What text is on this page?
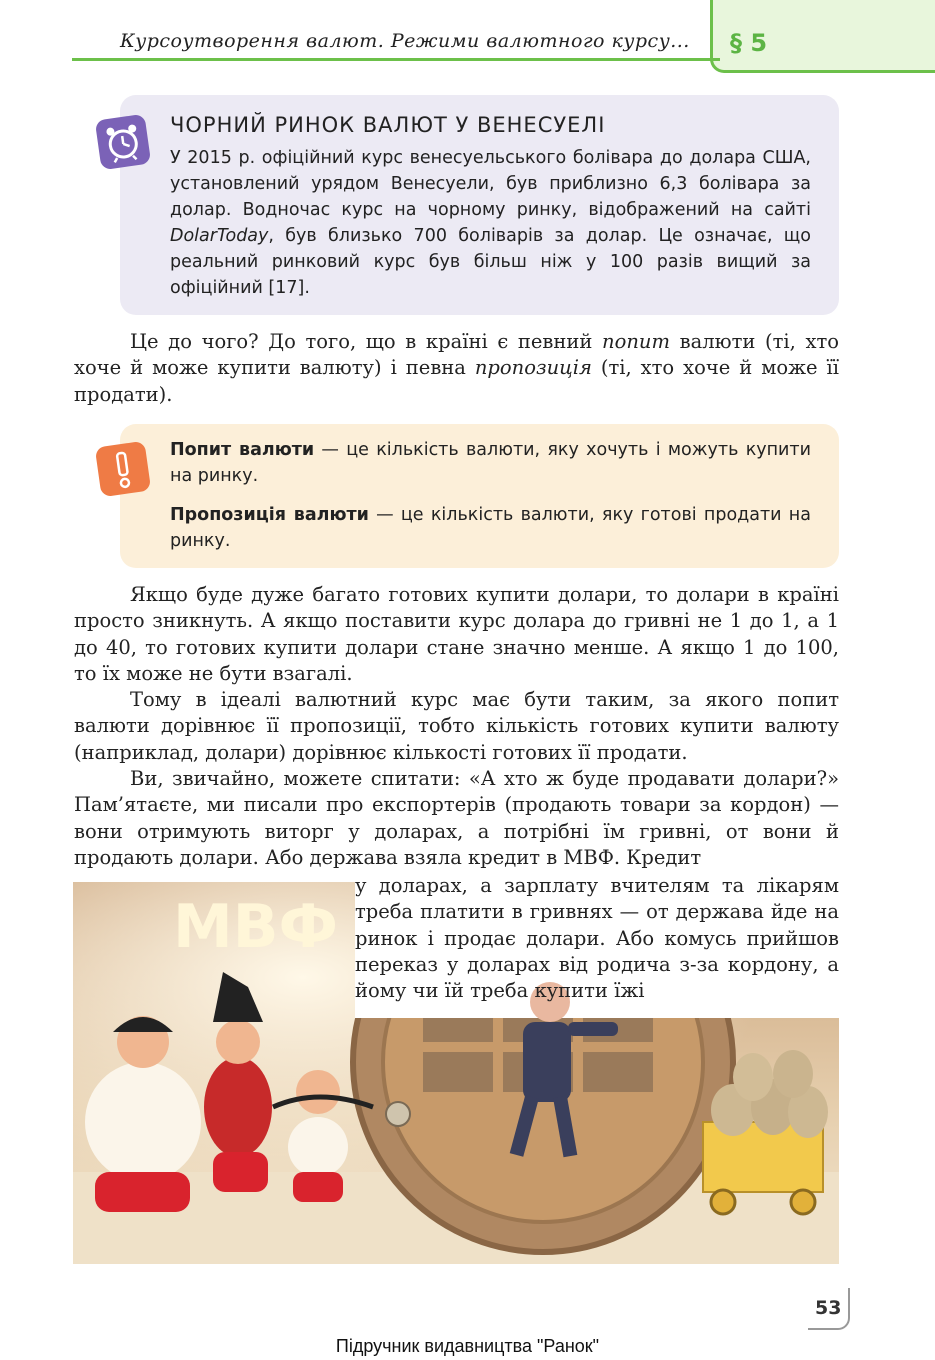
Курсоутворення валют. Режими валютного курсу...	§ 5
ЧОРНИЙ РИНОК ВАЛЮТ У ВЕНЕСУЕЛІ
У 2015 р. офіційний курс венесуельського болівара до долара США, установлений урядом Венесуели, був приблизно 6,3 болівара за долар. Водночас курс на чорному ринку, відображений на сайті DolarToday, був близько 700 боліварів за долар. Це означає, що реальний ринковий курс був більш ніж у 100 разів вищий за офіційний [17].

Це до чого? До того, що в країні є певний попит валюти (ті, хто хоче й може купити валюту) і певна пропозиція (ті, хто хоче й може її продати).

Попит валюти — це кількість валюти, яку хочуть і можуть купити на ринку.
Пропозиція валюти — це кількість валюти, яку готові продати на ринку.

Якщо буде дуже багато готових купити долари, то долари в країні просто зникнуть. А якщо поставити курс долара до гривні не 1 до 1, а 1 до 40, то готових купити долари стане значно менше. А якщо 1 до 100, то їх може не бути взагалі.

Тому в ідеалі валютний курс має бути таким, за якого попит валюти дорівнює її пропозиції, тобто кількість готових купити валюту (наприклад, долари) дорівнює кількості готових її продати.

Ви, звичайно, можете спитати: «А хто ж буде продавати долари?» Пам’ятаєте, ми писали про експортерів (продають товари за кордон) — вони отримують виторг у доларах, а потрібні їм гривні, от вони й продають долари. Або держава взяла кредит в МВФ. Кредит

МВФ
у доларах, а зарплату вчителям та лікарям треба платити в гривнях — от держава йде на ринок і продає долари. Або комусь прийшов переказ у доларах від родича з-за кордону, а йому чи їй треба купити їжі
53
Підручник видавництва "Ранок"
